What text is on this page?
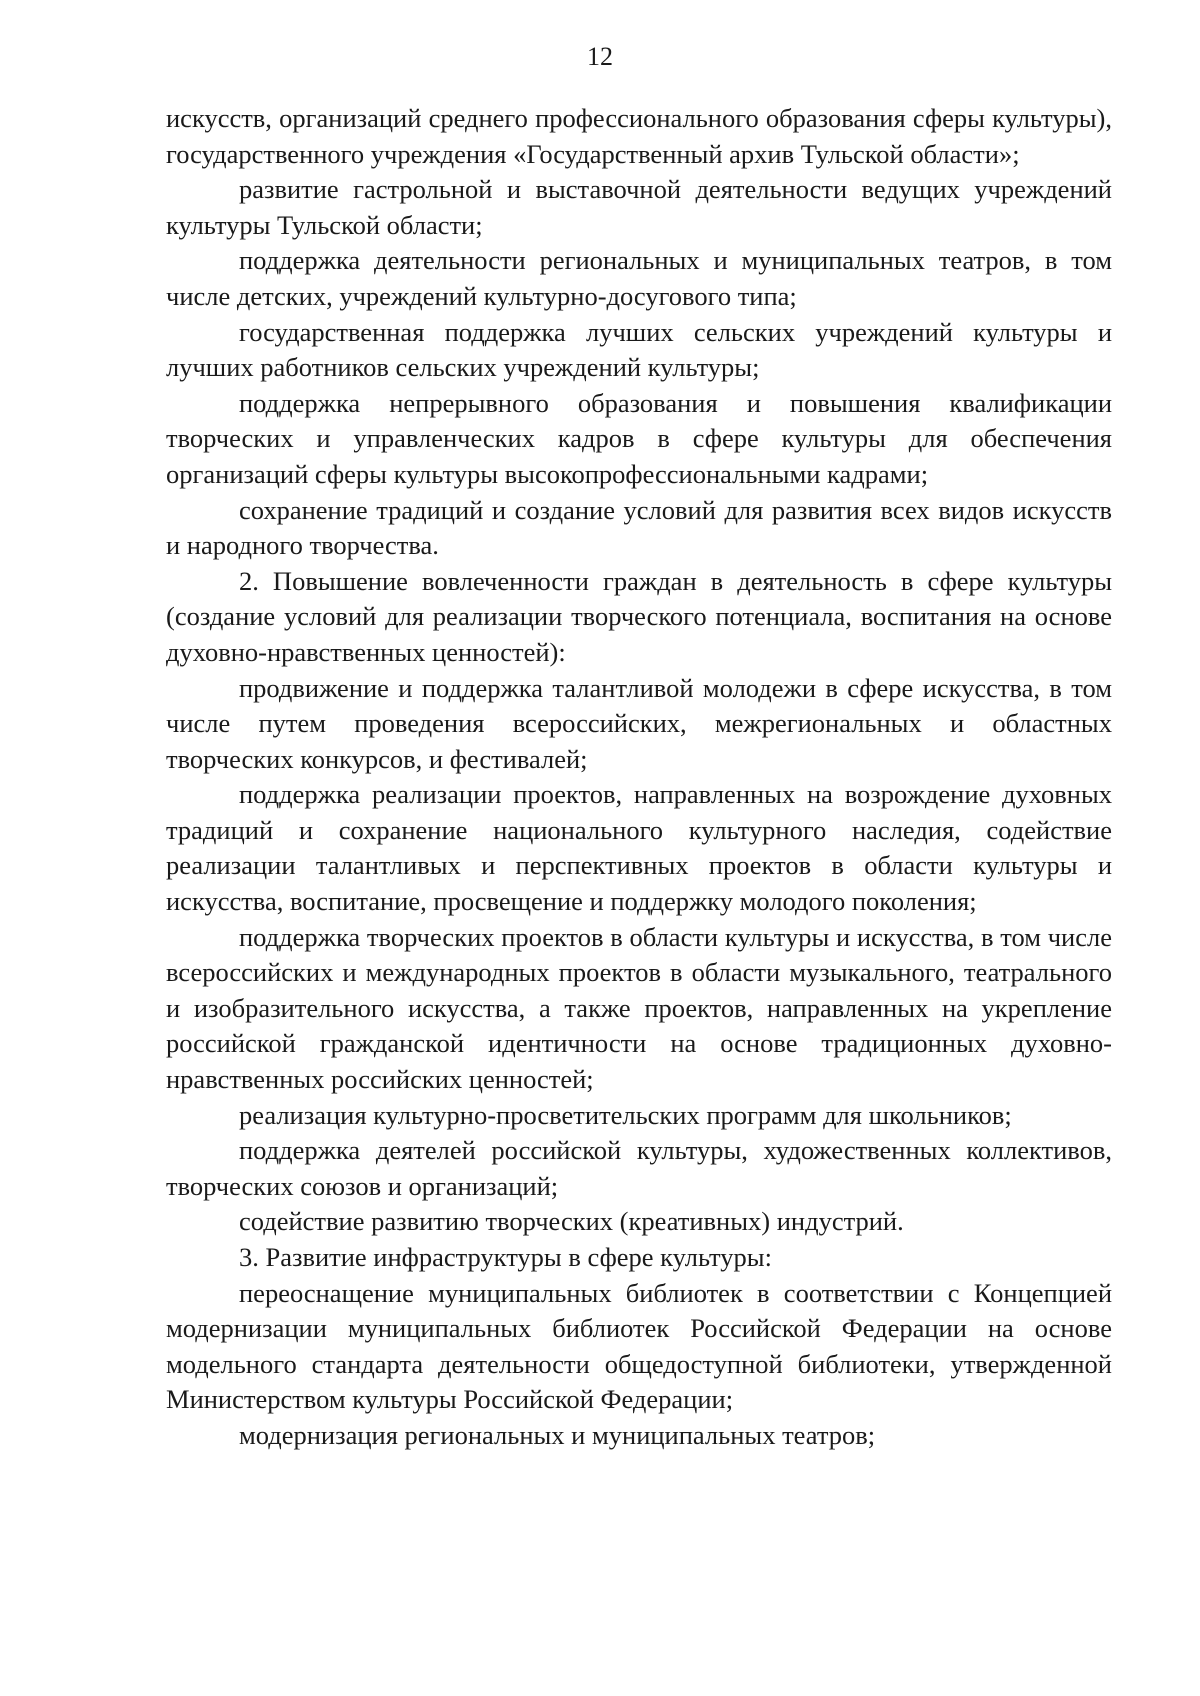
12

искусств, организаций среднего профессионального образования сферы культуры), государственного учреждения «Государственный архив Тульской области»;

развитие гастрольной и выставочной деятельности ведущих учреждений культуры Тульской области;

поддержка деятельности региональных и муниципальных театров, в том числе детских, учреждений культурно-досугового типа;

государственная поддержка лучших сельских учреждений культуры и лучших работников сельских учреждений культуры;

поддержка непрерывного образования и повышения квалификации творческих и управленческих кадров в сфере культуры для обеспечения организаций сферы культуры высокопрофессиональными кадрами;

сохранение традиций и создание условий для развития всех видов искусств и народного творчества.

2. Повышение вовлеченности граждан в деятельность в сфере культуры (создание условий для реализации творческого потенциала, воспитания на основе духовно-нравственных ценностей):

продвижение и поддержка талантливой молодежи в сфере искусства, в том числе путем проведения всероссийских, межрегиональных и областных творческих конкурсов, и фестивалей;

поддержка реализации проектов, направленных на возрождение духовных традиций и сохранение национального культурного наследия, содействие реализации талантливых и перспективных проектов в области культуры и искусства, воспитание, просвещение и поддержку молодого поколения;

поддержка творческих проектов в области культуры и искусства, в том числе всероссийских и международных проектов в области музыкального, театрального и изобразительного искусства, а также проектов, направленных на укрепление российской гражданской идентичности на основе традиционных духовно-нравственных российских ценностей;

реализация культурно-просветительских программ для школьников;

поддержка деятелей российской культуры, художественных коллективов, творческих союзов и организаций;

содействие развитию творческих (креативных) индустрий.

3. Развитие инфраструктуры в сфере культуры:

переоснащение муниципальных библиотек в соответствии с Концепцией модернизации муниципальных библиотек Российской Федерации на основе модельного стандарта деятельности общедоступной библиотеки, утвержденной Министерством культуры Российской Федерации;

модернизация региональных и муниципальных театров;
